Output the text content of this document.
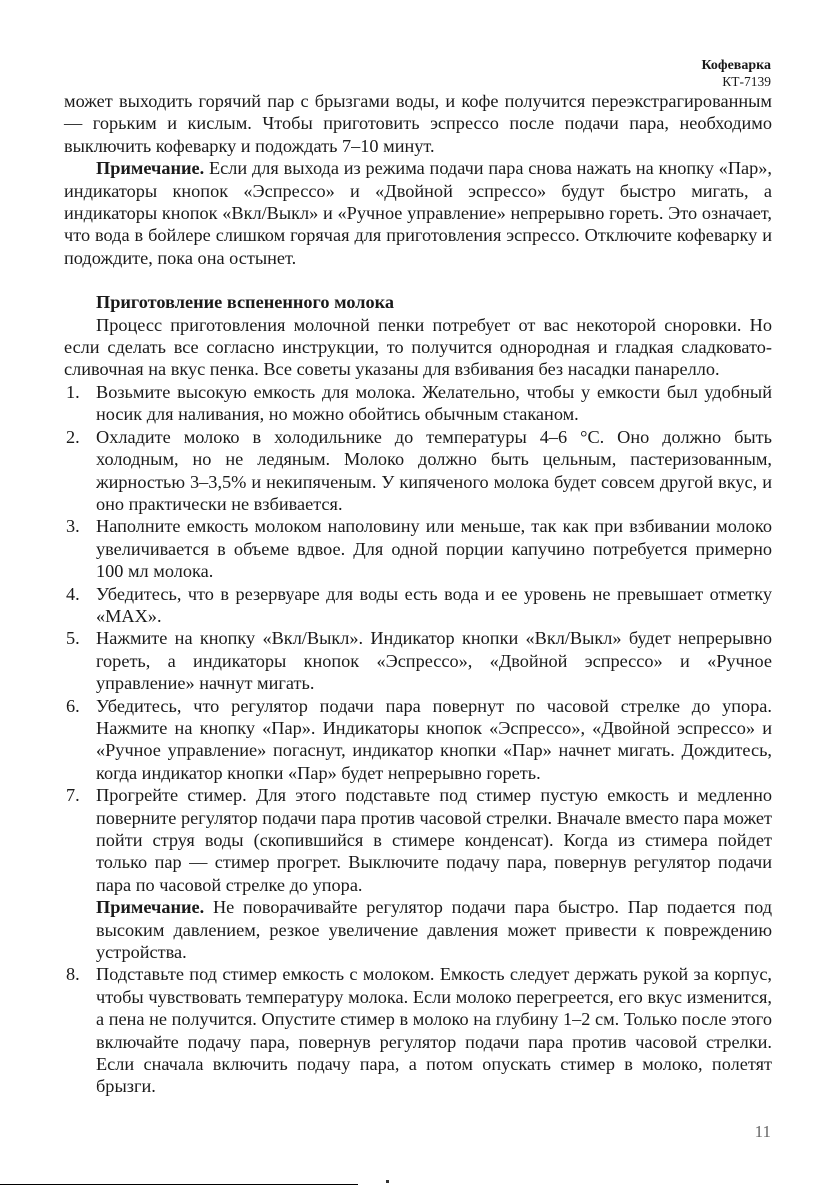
Кофеварка
КТ-7139

может выходить горячий пар с брызгами воды, и кофе получится переэкстрагированным — горьким и кислым. Чтобы приготовить эспрессо после подачи пара, необходимо выключить кофеварку и подождать 7–10 минут.

Примечание. Если для выхода из режима подачи пара снова нажать на кнопку «Пар», индикаторы кнопок «Эспрессо» и «Двойной эспрессо» будут быстро мигать, а индикаторы кнопок «Вкл/Выкл» и «Ручное управление» непрерывно гореть. Это означает, что вода в бойлере слишком горячая для приготовления эспрессо. Отключите кофеварку и подождите, пока она остынет.

Приготовление вспененного молока

Процесс приготовления молочной пенки потребует от вас некоторой сноровки. Но если сделать все согласно инструкции, то получится однородная и гладкая сладковато-сливочная на вкус пенка. Все советы указаны для взбивания без насадки панарелло.

1. Возьмите высокую емкость для молока. Желательно, чтобы у емкости был удобный носик для наливания, но можно обойтись обычным стаканом.
2. Охладите молоко в холодильнике до температуры 4–6 °С. Оно должно быть холодным, но не ледяным. Молоко должно быть цельным, пастеризованным, жирностью 3–3,5% и некипяченым. У кипяченого молока будет совсем другой вкус, и оно практически не взбивается.
3. Наполните емкость молоком наполовину или меньше, так как при взбивании молоко увеличивается в объеме вдвое. Для одной порции капучино потребуется примерно 100 мл молока.
4. Убедитесь, что в резервуаре для воды есть вода и ее уровень не превышает отметку «MAX».
5. Нажмите на кнопку «Вкл/Выкл». Индикатор кнопки «Вкл/Выкл» будет непрерывно гореть, а индикаторы кнопок «Эспрессо», «Двойной эспрессо» и «Ручное управление» начнут мигать.
6. Убедитесь, что регулятор подачи пара повернут по часовой стрелке до упора. Нажмите на кнопку «Пар». Индикаторы кнопок «Эспрессо», «Двойной эспрессо» и «Ручное управление» погаснут, индикатор кнопки «Пар» начнет мигать. Дождитесь, когда индикатор кнопки «Пар» будет непрерывно гореть.
7. Прогрейте стимер. Для этого подставьте под стимер пустую емкость и медленно поверните регулятор подачи пара против часовой стрелки. Вначале вместо пара может пойти струя воды (скопившийся в стимере конденсат). Когда из стимера пойдет только пар — стимер прогрет. Выключите подачу пара, повернув регулятор подачи пара по часовой стрелке до упора.
Примечание. Не поворачивайте регулятор подачи пара быстро. Пар подается под высоким давлением, резкое увеличение давления может привести к повреждению устройства.
8. Подставьте под стимер емкость с молоком. Емкость следует держать рукой за корпус, чтобы чувствовать температуру молока. Если молоко перегреется, его вкус изменится, а пена не получится. Опустите стимер в молоко на глубину 1–2 см. Только после этого включайте подачу пара, повернув регулятор подачи пара против часовой стрелки. Если сначала включить подачу пара, а потом опускать стимер в молоко, полетят брызги.
11
